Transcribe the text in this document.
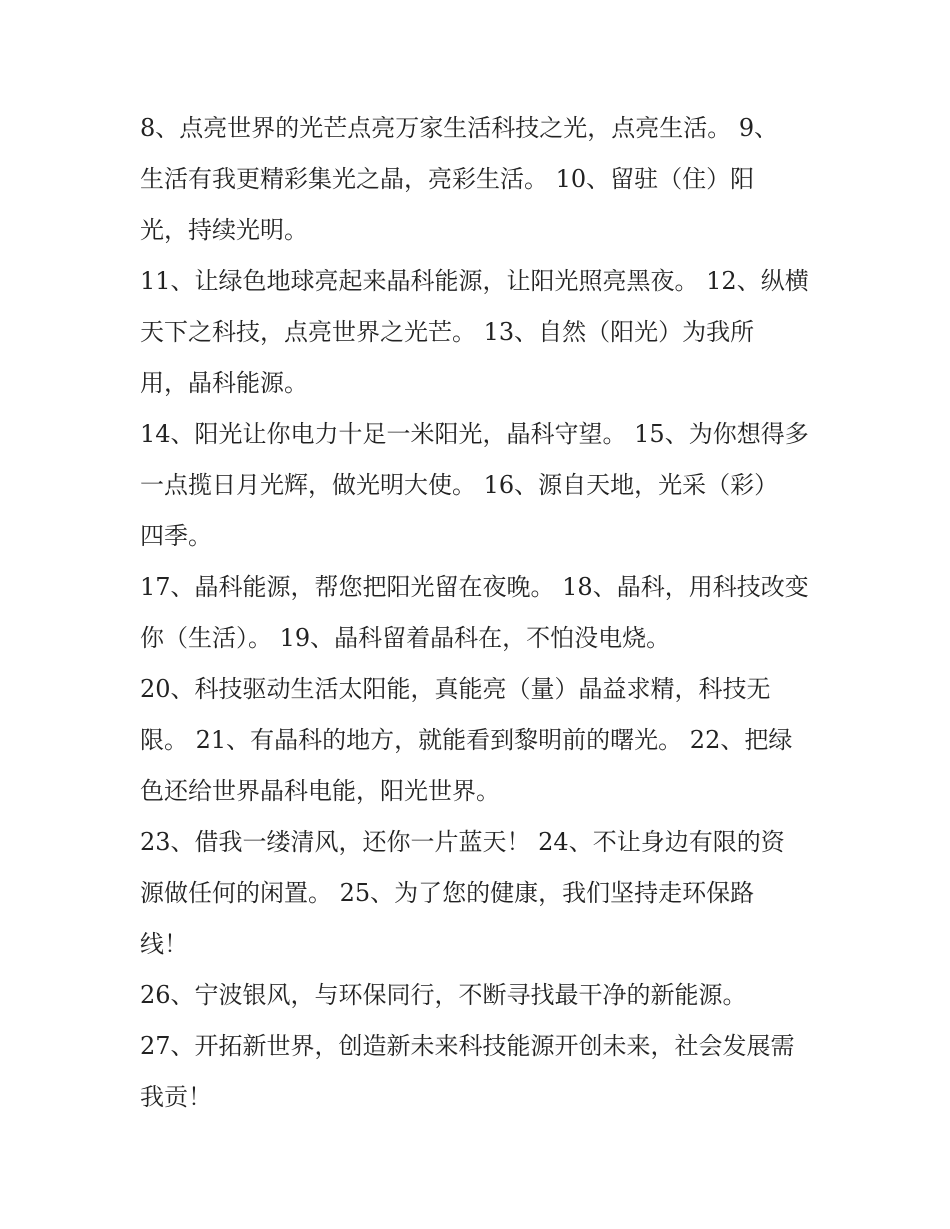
8、点亮世界的光芒点亮万家生活科技之光，点亮生活。 9、
生活有我更精彩集光之晶，亮彩生活。 10、留驻（住）阳
光，持续光明。
11、让绿色地球亮起来晶科能源，让阳光照亮黑夜。 12、纵横
天下之科技，点亮世界之光芒。 13、自然（阳光）为我所
用，晶科能源。
14、阳光让你电力十足一米阳光，晶科守望。 15、为你想得多
一点揽日月光辉，做光明大使。 16、源自天地，光采（彩）
四季。
17、晶科能源，帮您把阳光留在夜晚。 18、晶科，用科技改变
你（生活）。 19、晶科留着晶科在，不怕没电烧。
20、科技驱动生活太阳能，真能亮（量）晶益求精，科技无
限。 21、有晶科的地方，就能看到黎明前的曙光。 22、把绿
色还给世界晶科电能，阳光世界。
23、借我一缕清风，还你一片蓝天！ 24、不让身边有限的资
源做任何的闲置。 25、为了您的健康，我们坚持走环保路
线！
26、宁波银风，与环保同行，不断寻找最干净的新能源。
27、开拓新世界，创造新未来科技能源开创未来，社会发展需
我贡！
